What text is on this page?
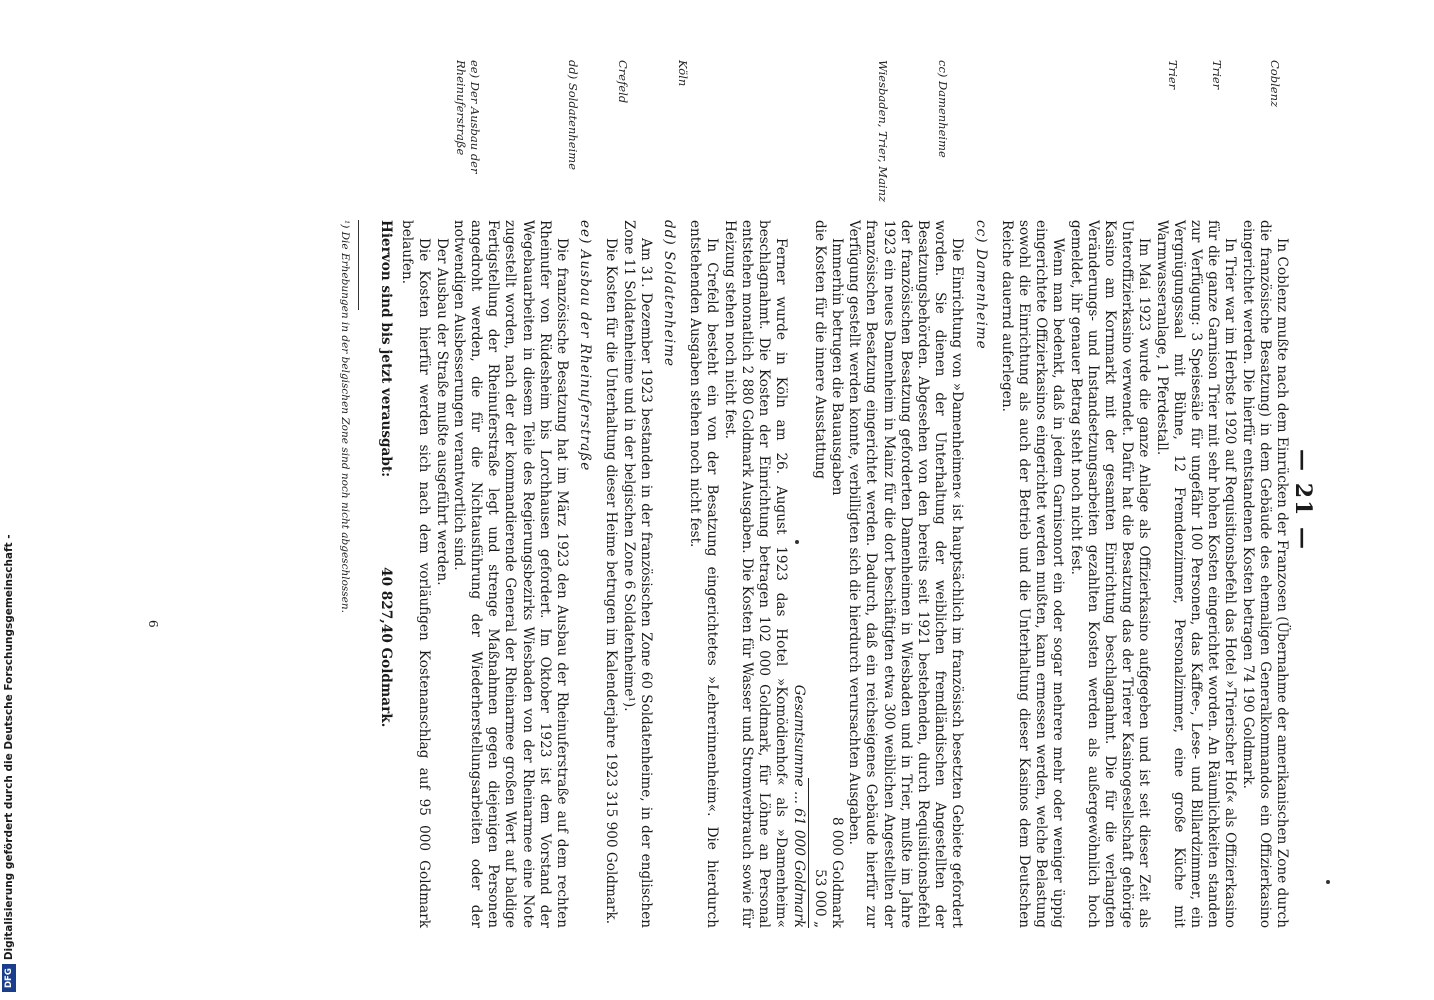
— 21 —
Coblenz
Trier
Trier
cc) Damenheime
Wiesbaden, Trier, Mainz
Köln
Crefeld
dd) Soldatenheime
ee) Der Ausbau der Rheinuferstraße

In Coblenz mußte nach dem Einrücken der Franzosen (Übernahme der amerikanischen Zone durch die französische Besatzung) in dem Gebäude des ehemaligen Generalkommandos ein Offizierkasino eingerichtet werden. Die hierfür entstandenen Kosten betragen 74 190 Goldmark.

In Trier war im Herbste 1920 auf Requisitionsbefehl das Hotel »Trierischer Hof« als Offizierkasino für die ganze Garnison Trier mit sehr hohen Kosten eingerichtet worden. An Räumlichkeiten standen zur Verfügung: 3 Speisesäle für ungefähr 100 Personen, das Kaffee-, Lese- und Billardzimmer, ein Vergnügungssaal mit Bühne, 12 Fremdenzimmer, Personalzimmer, eine große Küche mit Warmwasseranlage, 1 Pferdestall.

Im Mai 1923 wurde die ganze Anlage als Offizierkasino aufgegeben und ist seit dieser Zeit als Unteroffizierkasino verwendet. Dafür hat die Besatzung das der Trierer Kasinogesellschaft gehörige Kasino am Kornmarkt mit der gesamten Einrichtung beschlagnahmt. Die für die verlangten Veränderungs- und Instandsetzungsarbeiten gezahlten Kosten werden als außergewöhnlich hoch gemeldet, ihr genauer Betrag steht noch nicht fest.

Wenn man bedenkt, daß in jedem Garnisonort ein oder sogar mehrere mehr oder weniger üppig eingerichtete Offizierkasinos eingerichtet werden mußten, kann ermessen werden, welche Belastung sowohl die Einrichtung als auch der Betrieb und die Unterhaltung dieser Kasinos dem Deutschen Reiche dauernd auferlegen.

cc) Damenheime

Die Einrichtung von »Damenheimen« ist hauptsächlich im französisch besetzten Gebiete gefordert worden. Sie dienen der Unterhaltung der weiblichen fremdländischen Angestellten der Besatzungsbehörden. Abgesehen von den bereits seit 1921 bestehenden, durch Requisitionsbefehl der französischen Besatzung geforderten Damenheimen in Wiesbaden und in Trier, mußte im Jahre 1923 ein neues Damenheim in Mainz für die dort beschäftigten etwa 300 weiblichen Angestellten der französischen Besatzung eingerichtet werden. Dadurch, daß ein reichseigenes Gebäude hierfür zur Verfügung gestellt werden konnte, verbilligten sich die hierdurch verursachten Ausgaben.

Immerhin betrugen die Bauausgaben
8 000 Goldmark
die Kosten für die innere Ausstattung
53 000 „
Gesamtsumme ... 61 000 Goldmark

Ferner wurde in Köln am 26. August 1923 das Hotel »Komödienhof« als »Damenheim« beschlagnahmt. Die Kosten der Einrichtung betragen 102 000 Goldmark, für Löhne an Personal entstehen monatlich 2 880 Goldmark Ausgaben. Die Kosten für Wasser und Stromverbrauch sowie für Heizung stehen noch nicht fest.

In Crefeld besteht ein von der Besatzung eingerichtetes »Lehrerinnenheim«. Die hierdurch entstehenden Ausgaben stehen noch nicht fest.

dd) Soldatenheime

Am 31. Dezember 1923 bestanden in der französischen Zone 60 Soldatenheime, in der englischen Zone 11 Soldatenheime und in der belgischen Zone 6 Soldatenheime¹).

Die Kosten für die Unterhaltung dieser Heime betrugen im Kalenderjahre 1923 315 900 Goldmark.

ee) Ausbau der Rheinuferstraße

Die französische Besatzung hat im März 1923 den Ausbau der Rheinuferstraße auf dem rechten Rheinufer von Rüdesheim bis Lorchhausen gefordert. Im Oktober 1923 ist dem Vorstand der Wegebauarbeiten in diesem Teile des Regierungsbezirks Wiesbaden von der Rheinarmee eine Note zugestellt worden, nach der der kommandierende General der Rheinarmee großen Wert auf baldige Fertigstellung der Rheinuferstraße legt und strenge Maßnahmen gegen diejenigen Personen angedroht werden, die für die Nichtausführung der Wiederherstellungsarbeiten oder der notwendigen Ausbesserungen verantwortlich sind.

Der Ausbau der Straße mußte ausgeführt werden.

Die Kosten hierfür werden sich nach dem vorläufigen Kostenanschlag auf 95 000 Goldmark belaufen.

Hiervon sind bis jetzt verausgabt:
40 827,40 Goldmark.
¹) Die Erhebungen in der belgischen Zone sind noch nicht abgeschlossen.
6
DFG
Digitalisierung gefördert durch die Deutsche Forschungsgemeinschaft -
